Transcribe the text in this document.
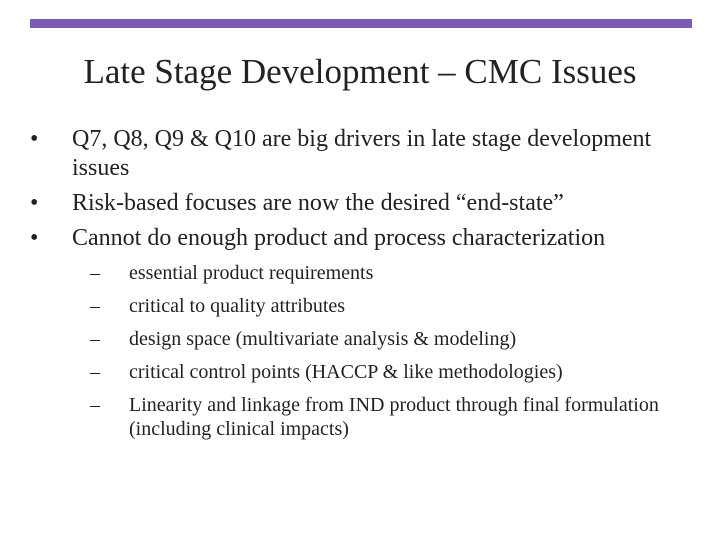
Late Stage Development – CMC Issues
• Q7, Q8, Q9 & Q10 are big drivers in late stage development issues
• Risk-based focuses are now the desired “end-state”
• Cannot do enough product and process characterization
– essential product requirements
– critical to quality attributes
– design space (multivariate analysis & modeling)
– critical control points (HACCP & like methodologies)
– Linearity and linkage from IND product through final formulation (including clinical impacts)
